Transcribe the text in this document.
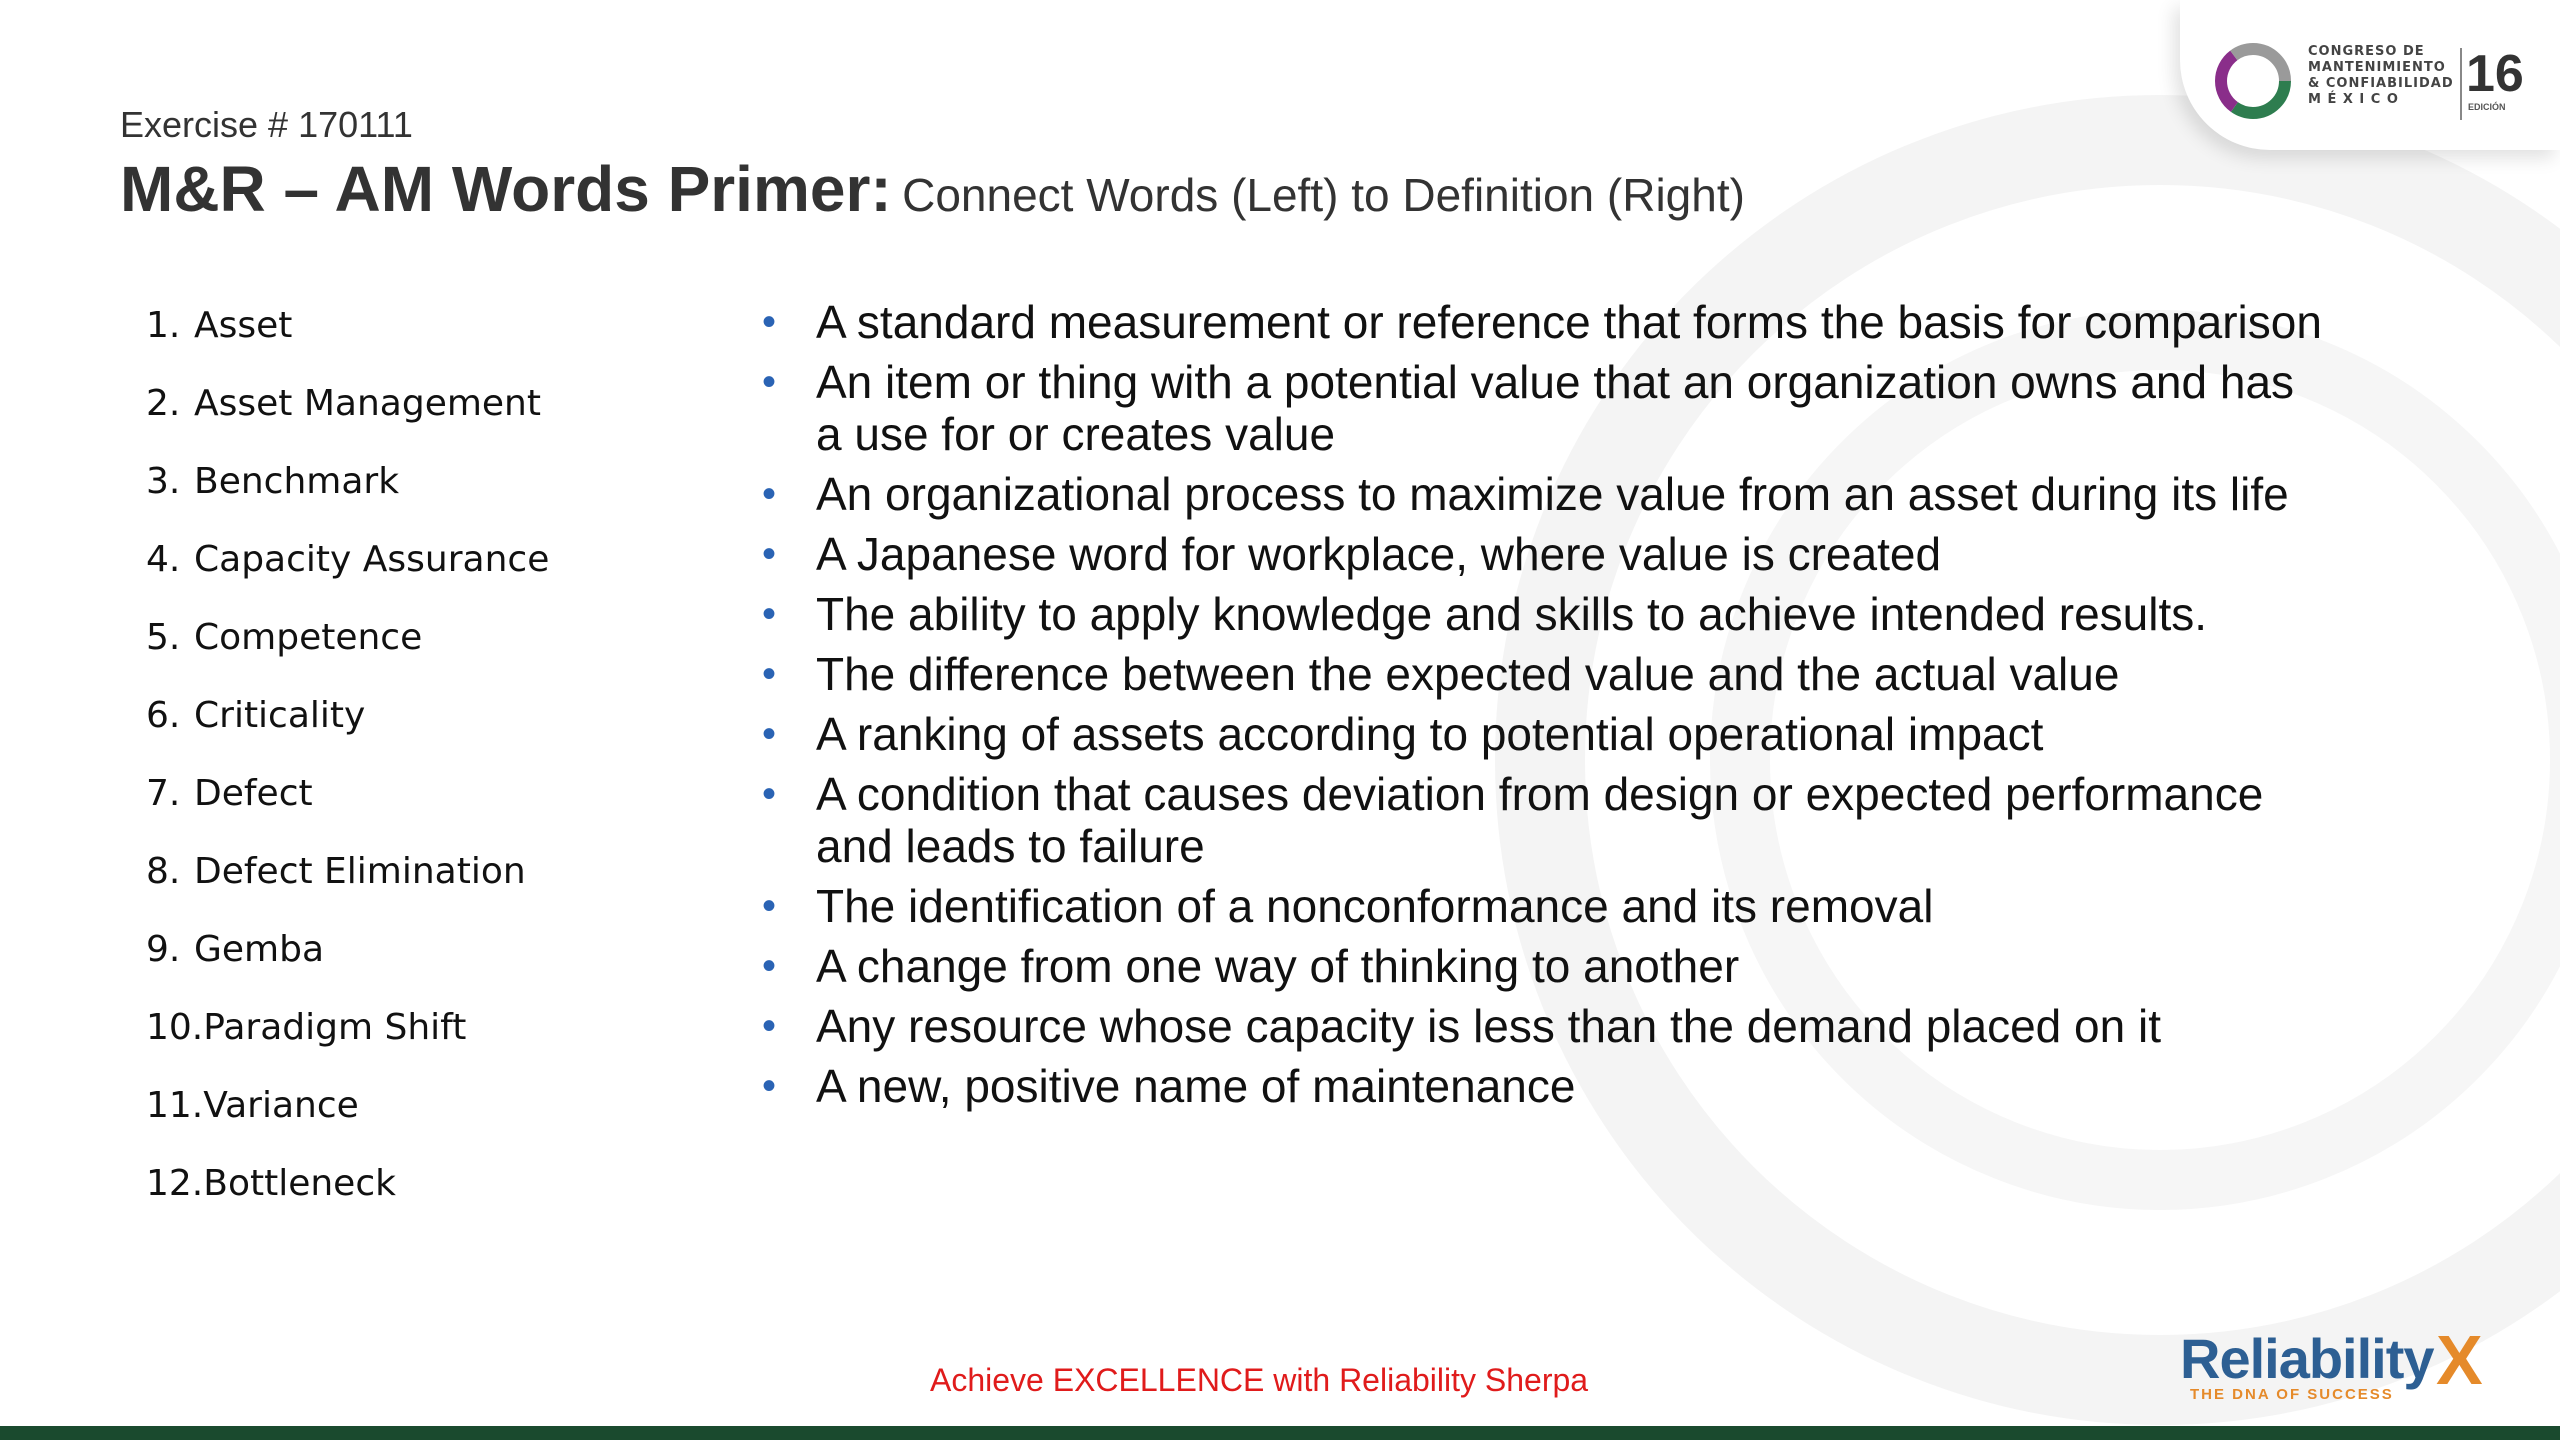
Exercise # 170111
M&R – AM Words Primer: Connect Words (Left) to Definition (Right)
1. Asset
2. Asset Management
3. Benchmark
4. Capacity Assurance
5. Competence
6. Criticality
7. Defect
8. Defect Elimination
9. Gemba
10.Paradigm Shift
11.Variance
12.Bottleneck
• A standard measurement or reference that forms the basis for comparison
• An item or thing with a potential value that an organization owns and has a use for or creates value
• An organizational process to maximize value from an asset during its life
• A Japanese word for workplace, where value is created
• The ability to apply knowledge and skills to achieve intended results.
• The difference between the expected value and the actual value
• A ranking of assets according to potential operational impact
• A condition that causes deviation from design or expected performance and leads to failure
• The identification of a nonconformance and its removal
• A change from one way of thinking to another
• Any resource whose capacity is less than the demand placed on it
• A new, positive name of maintenance
CONGRESO DE
MANTENIMIENTO
& CONFIABILIDAD
M É X I C O	16
EDICIÓN
Achieve EXCELLENCE with Reliability Sherpa	Reliability X
THE DNA OF SUCCESS
